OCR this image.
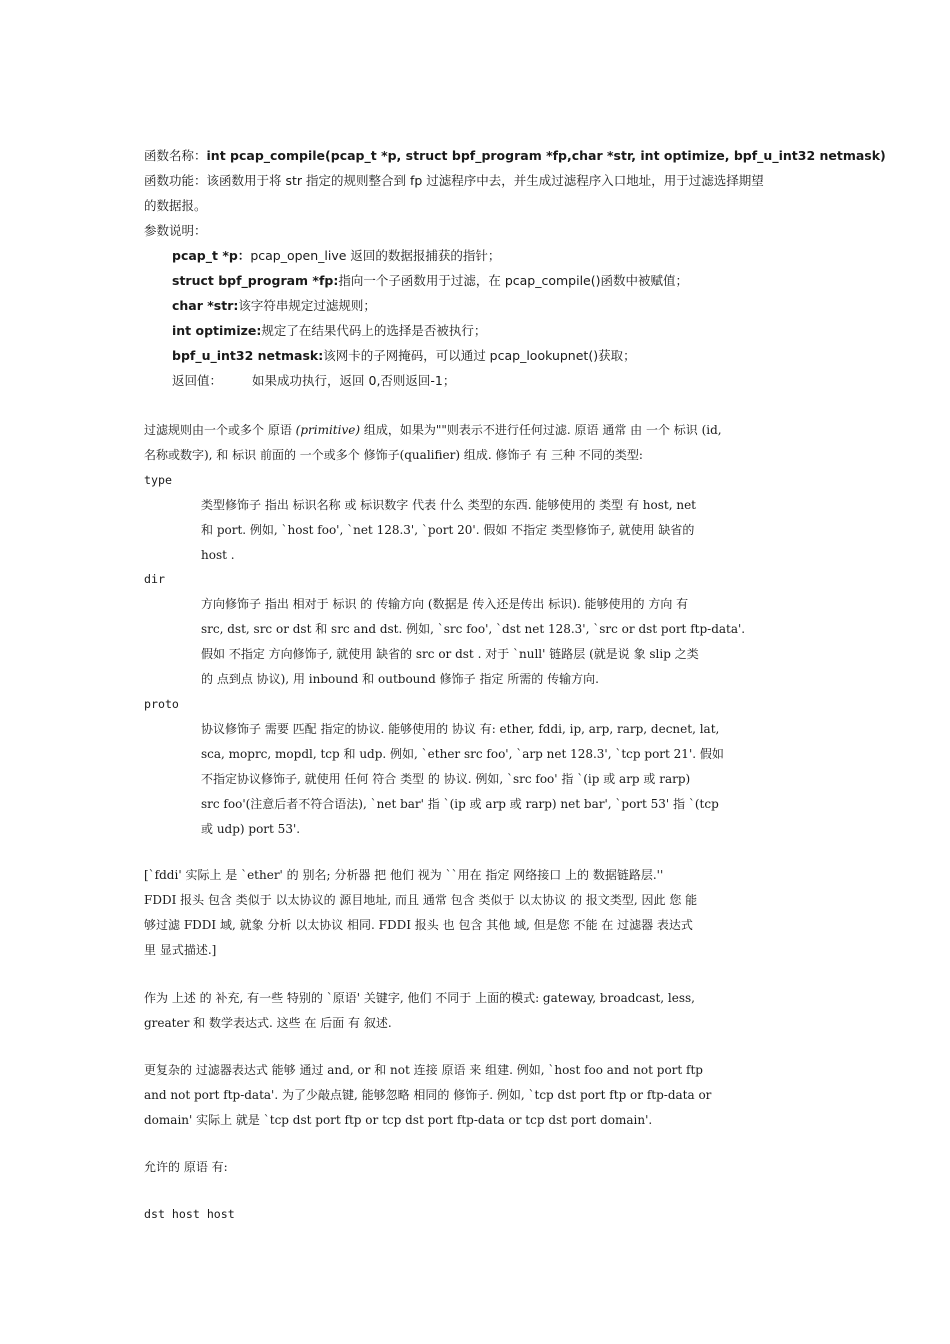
函数名称：int pcap_compile(pcap_t *p, struct bpf_program *fp,char *str, int optimize, bpf_u_int32 netmask)
函数功能：该函数用于将 str 指定的规则整合到 fp 过滤程序中去，并生成过滤程序入口地址，用于过滤选择期望
的数据报。
参数说明：
pcap_t *p：pcap_open_live 返回的数据报捕获的指针；
struct bpf_program *fp:指向一个子函数用于过滤，在 pcap_compile()函数中被赋值；
char *str:该字符串规定过滤规则；
int optimize:规定了在结果代码上的选择是否被执行；
bpf_u_int32 netmask:该网卡的子网掩码，可以通过 pcap_lookupnet()获取；
返回值： 如果成功执行，返回 0,否则返回-1；
过滤规则由一个或多个 原语 (primitive) 组成，如果为""则表示不进行任何过滤. 原语 通常 由 一个 标识 (id,
名称或数字), 和 标识 前面的 一个或多个 修饰子(qualifier) 组成. 修饰子 有 三种 不同的类型:
type
类型修饰子 指出 标识名称 或 标识数字 代表 什么 类型的东西. 能够使用的 类型 有 host, net
和 port. 例如, `host foo', `net 128.3', `port 20'. 假如 不指定 类型修饰子, 就使用 缺省的
host .
dir
方向修饰子 指出 相对于 标识 的 传输方向 (数据是 传入还是传出 标识). 能够使用的 方向 有
src, dst, src or dst 和 src and dst. 例如, `src foo', `dst net 128.3', `src or dst port ftp-data'.
假如 不指定 方向修饰子, 就使用 缺省的 src or dst . 对于 `null' 链路层 (就是说 象 slip 之类
的 点到点 协议), 用 inbound 和 outbound 修饰子 指定 所需的 传输方向.
proto
协议修饰子 需要 匹配 指定的协议. 能够使用的 协议 有: ether, fddi, ip, arp, rarp, decnet, lat,
sca, moprc, mopdl, tcp 和 udp. 例如, `ether src foo', `arp net 128.3', `tcp port 21'. 假如
不指定协议修饰子, 就使用 任何 符合 类型 的 协议. 例如, `src foo' 指 `(ip 或 arp 或 rarp)
src foo'(注意后者不符合语法), `net bar' 指 `(ip 或 arp 或 rarp) net bar', `port 53' 指 `(tcp
或 udp) port 53'.
[`fddi' 实际上 是 `ether' 的 别名; 分析器 把 他们 视为 ``用在 指定 网络接口 上的 数据链路层.''
FDDI 报头 包含 类似于 以太协议的 源目地址, 而且 通常 包含 类似于 以太协议 的 报文类型, 因此 您 能
够过滤 FDDI 域, 就象 分析 以太协议 相同. FDDI 报头 也 包含 其他 域, 但是您 不能 在 过滤器 表达式
里 显式描述.]
作为 上述 的 补充, 有一些 特别的 `原语' 关键字, 他们 不同于 上面的模式: gateway, broadcast, less,
greater 和 数学表达式. 这些 在 后面 有 叙述.
更复杂的 过滤器表达式 能够 通过 and, or 和 not 连接 原语 来 组建. 例如, `host foo and not port ftp
and not port ftp-data'. 为了少敲点键, 能够忽略 相同的 修饰子. 例如, `tcp dst port ftp or ftp-data or
domain' 实际上 就是 `tcp dst port ftp or tcp dst port ftp-data or tcp dst port domain'.
允许的 原语 有:
dst host host
